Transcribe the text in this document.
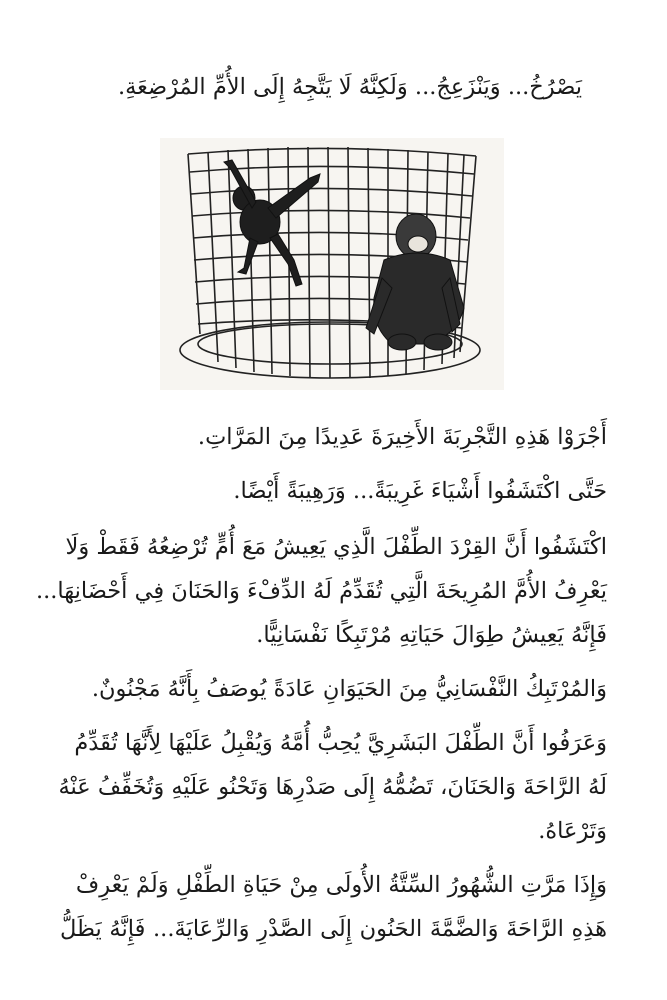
يَصْرُخُ... وَيَنْزَعِجُ... وَلَكِنَّهُ لَا يَتَّجِهُ إِلَى الأُمِّ المُرْضِعَةِ.
أَجْرَوْا هَذِهِ التَّجْرِبَةَ الأَخِيرَةَ عَدِيدًا مِنَ المَرَّاتِ.
حَتَّى اكْتَشَفُوا أَشْيَاءَ غَرِيبَةً... وَرَهِيبَةً أَيْضًا.
اكْتَشَفُوا أَنَّ القِرْدَ الطِّفْلَ الَّذِي يَعِيشُ مَعَ أُمٍّ تُرْضِعُهُ فَقَطْ وَلَا
يَعْرِفُ الأُمَّ المُرِيحَةَ الَّتِي تُقَدِّمُ لَهُ الدِّفْءَ وَالحَنَانَ فِي أَحْضَانِهَا...
فَإِنَّهُ يَعِيشُ طِوَالَ حَيَاتِهِ مُرْتَبِكًا نَفْسَانِيًّا.
وَالمُرْتَبِكُ النَّفْسَانِيُّ مِنَ الحَيَوَانِ عَادَةً يُوصَفُ بِأَنَّهُ مَجْنُونٌ.
وَعَرَفُوا أَنَّ الطِّفْلَ البَشَرِيَّ يُحِبُّ أُمَّهُ وَيُقْبِلُ عَلَيْهَا لِأَنَّهَا تُقَدِّمُ
لَهُ الرَّاحَةَ وَالحَنَانَ، تَضُمُّهُ إِلَى صَدْرِهَا وَتَحْنُو عَلَيْهِ وَتُخَفِّفُ عَنْهُ
وَتَرْعَاهُ.
وَإِذَا مَرَّتِ الشُّهُورُ السِّتَّةُ الأُولَى مِنْ حَيَاةِ الطِّفْلِ وَلَمْ يَعْرِفْ
هَذِهِ الرَّاحَةَ وَالضَّمَّةَ الحَنُون إِلَى الصَّدْرِ وَالرِّعَايَةَ... فَإِنَّهُ يَظَلُّ
